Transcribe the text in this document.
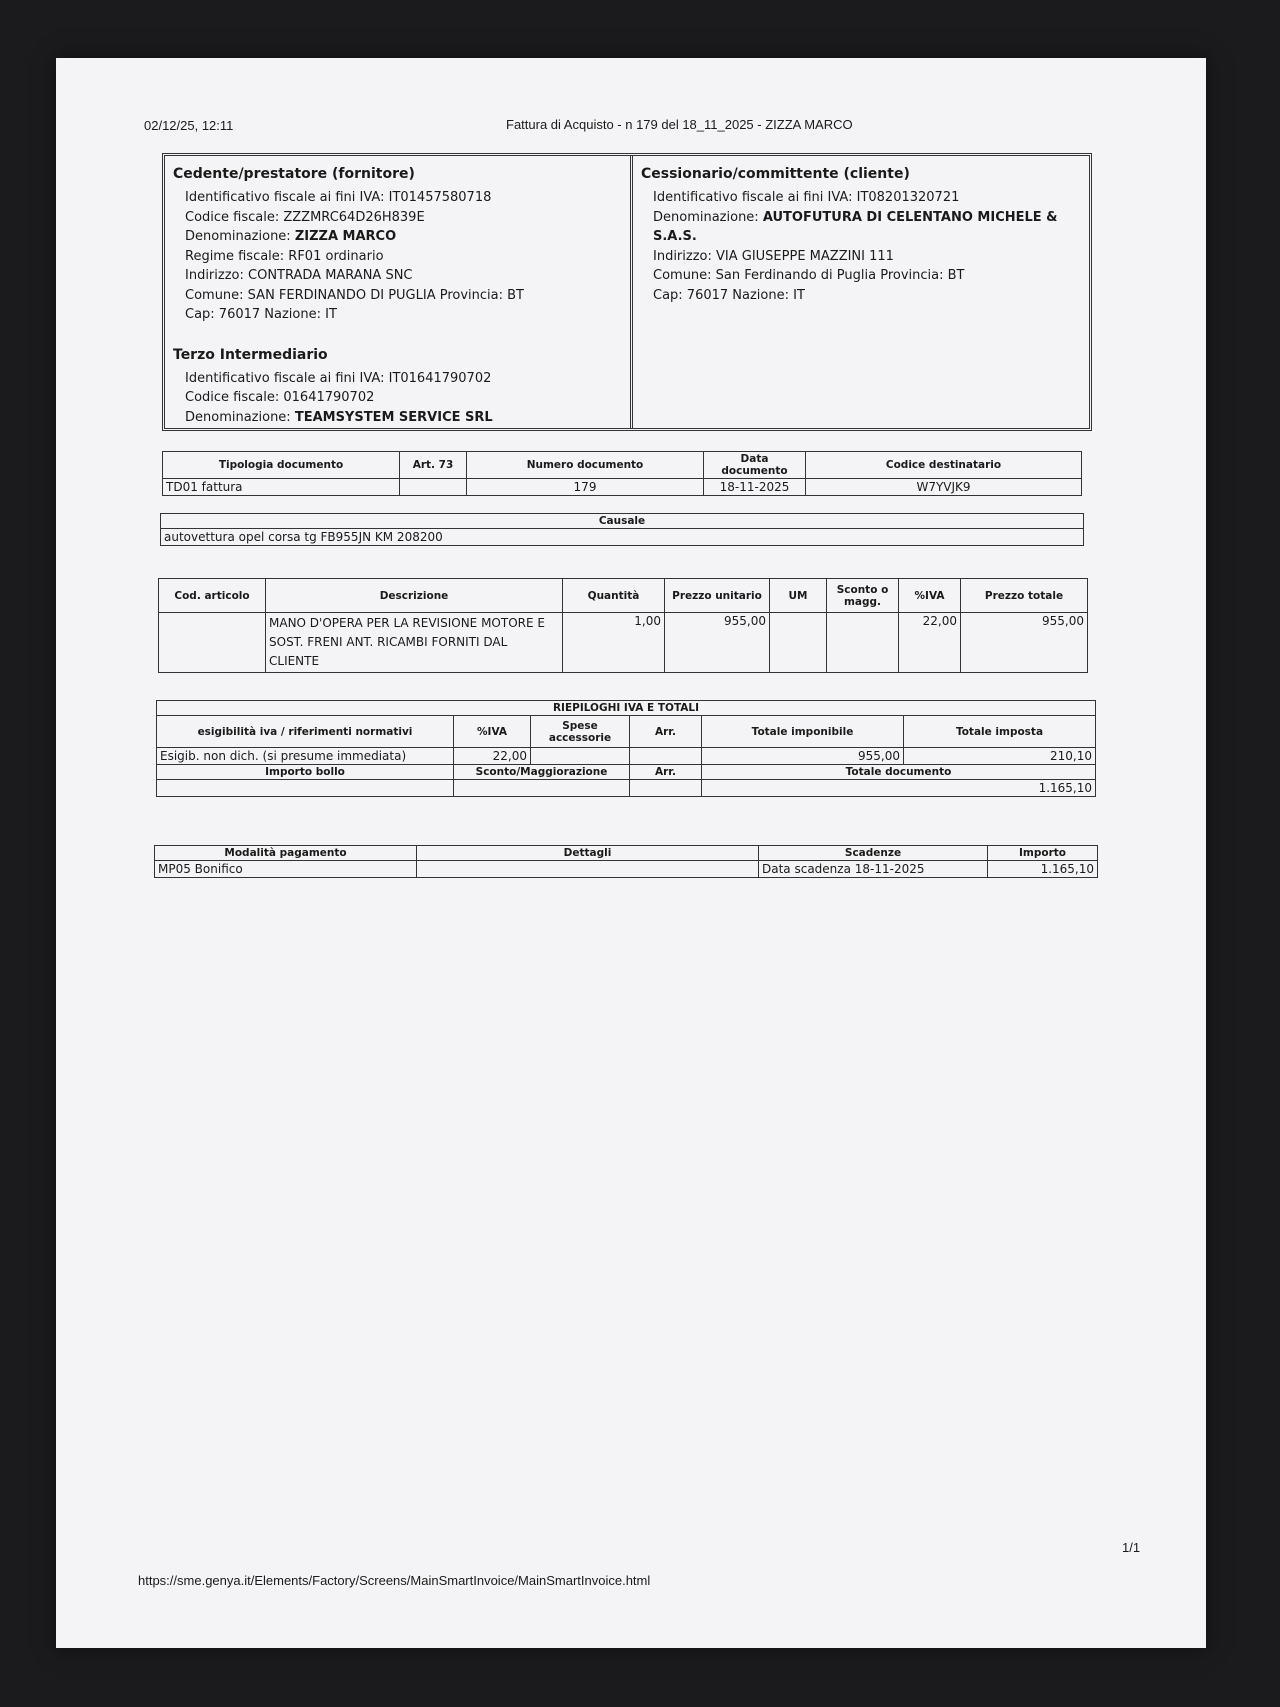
02/12/25, 12:11	Fattura di Acquisto - n 179 del 18_11_2025 - ZIZZA MARCO
Cedente/prestatore (fornitore)
Identificativo fiscale ai fini IVA: IT01457580718
Codice fiscale: ZZZMRC64D26H839E
Denominazione: ZIZZA MARCO
Regime fiscale: RF01 ordinario
Indirizzo: CONTRADA MARANA SNC
Comune: SAN FERDINANDO DI PUGLIA Provincia: BT
Cap: 76017 Nazione: IT
Terzo Intermediario
Identificativo fiscale ai fini IVA: IT01641790702
Codice fiscale: 01641790702
Denominazione: TEAMSYSTEM SERVICE SRL
Cessionario/committente (cliente)
Identificativo fiscale ai fini IVA: IT08201320721
Denominazione: AUTOFUTURA DI CELENTANO MICHELE & S.A.S.
Indirizzo: VIA GIUSEPPE MAZZINI 111
Comune: San Ferdinando di Puglia Provincia: BT
Cap: 76017 Nazione: IT
Tipologia documento	Art. 73	Numero documento	Data documento	Codice destinatario
TD01 fattura		179	18-11-2025	W7YVJK9
Causale
autovettura opel corsa tg FB955JN KM 208200
Cod. articolo	Descrizione	Quantità	Prezzo unitario	UM	Sconto o magg.	%IVA	Prezzo totale
	MANO D'OPERA PER LA REVISIONE MOTORE E SOST. FRENI ANT. RICAMBI FORNITI DAL CLIENTE	1,00	955,00			22,00	955,00
RIEPILOGHI IVA E TOTALI					
esigibilità iva / riferimenti normativi	%IVA	Spese accessorie	Arr.	Totale imponibile	Totale imposta
Esigib. non dich. (si presume immediata)	22,00			955,00	210,10
Importo bollo	Sconto/Maggiorazione		Arr.	Totale documento	
				1.165,10	
Modalità pagamento	Dettagli	Scadenze	Importo
MP05 Bonifico		Data scadenza 18-11-2025	1.165,10
1/1
https://sme.genya.it/Elements/Factory/Screens/MainSmartInvoice/MainSmartInvoice.html
